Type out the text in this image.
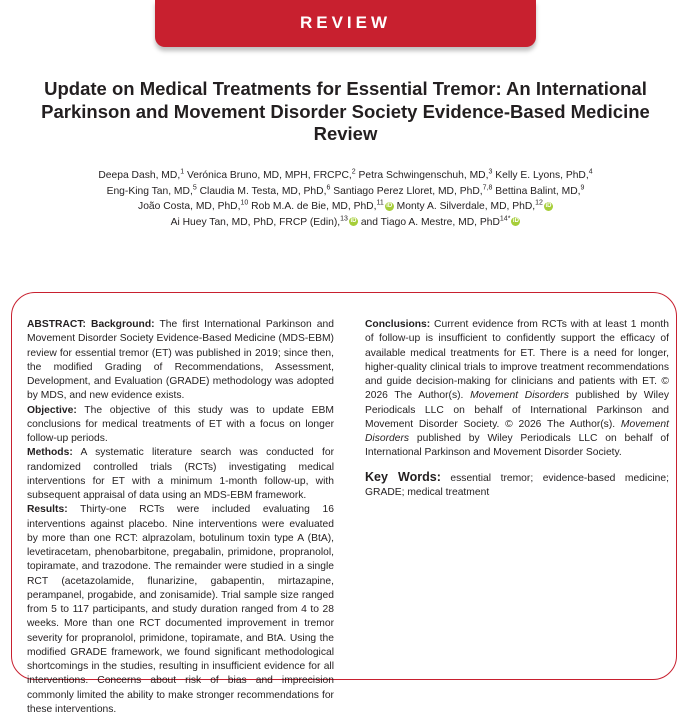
REVIEW
Update on Medical Treatments for Essential Tremor: An International Parkinson and Movement Disorder Society Evidence-Based Medicine Review
Deepa Dash, MD,$^1$ Verónica Bruno, MD, MPH, FRCPC,$^2$ Petra Schwingenschuh, MD,$^3$ Kelly E. Lyons, PhD,$^4$
Eng-King Tan, MD,$^5$ Claudia M. Testa, MD, PhD,$^6$ Santiago Perez Lloret, MD, PhD,$^{7,8}$ Bettina Balint, MD,$^9$
João Costa, MD, PhD,$^{10}$ Rob M.A. de Bie, MD, PhD,$^{11}$ iD Monty A. Silverdale, MD, PhD,$^{12}$ iD
Ai Huey Tan, MD, PhD, FRCP (Edin),$^{13}$ iD and Tiago A. Mestre, MD, PhD$^{14*}$ iD

ABSTRACT: Background: The first International Parkinson and Movement Disorder Society Evidence-Based Medicine (MDS-EBM) review for essential tremor (ET) was published in 2019; since then, the modified Grading of Recommendations, Assessment, Development, and Evaluation (GRADE) methodology was adopted by MDS, and new evidence exists.

Objective: The objective of this study was to update EBM conclusions for medical treatments of ET with a focus on longer follow-up periods.

Methods: A systematic literature search was conducted for randomized controlled trials (RCTs) investigating medical interventions for ET with a minimum 1-month follow-up, with subsequent appraisal of data using an MDS-EBM framework.

Results: Thirty-one RCTs were included evaluating 16 interventions against placebo. Nine interventions were evaluated by more than one RCT: alprazolam, botulinum toxin type A (BtA), levetiracetam, phenobarbitone, pregabalin, primidone, propranolol, topiramate, and trazodone. The remainder were studied in a single RCT (acetazolamide, flunarizine, gabapentin, mirtazapine, perampanel, progabide, and zonisamide). Trial sample size ranged from 5 to 117 participants, and study duration ranged from 4 to 28 weeks. More than one RCT documented improvement in tremor severity for propranolol, primidone, topiramate, and BtA. Using the modified GRADE framework, we found significant methodological shortcomings in the studies, resulting in insufficient evidence for all interventions. Concerns about risk of bias and imprecision commonly limited the ability to make stronger recommendations for these interventions.

Conclusions: Current evidence from RCTs with at least 1 month of follow-up is insufficient to confidently support the efficacy of available medical treatments for ET. There is a need for longer, higher-quality clinical trials to improve treatment recommendations and guide decision-making for clinicians and patients with ET. © 2026 The Author(s). Movement Disorders published by Wiley Periodicals LLC on behalf of International Parkinson and Movement Disorder Society. © 2026 The Author(s). Movement Disorders published by Wiley Periodicals LLC on behalf of International Parkinson and Movement Disorder Society.

Key Words: essential tremor; evidence-based medicine; GRADE; medical treatment
